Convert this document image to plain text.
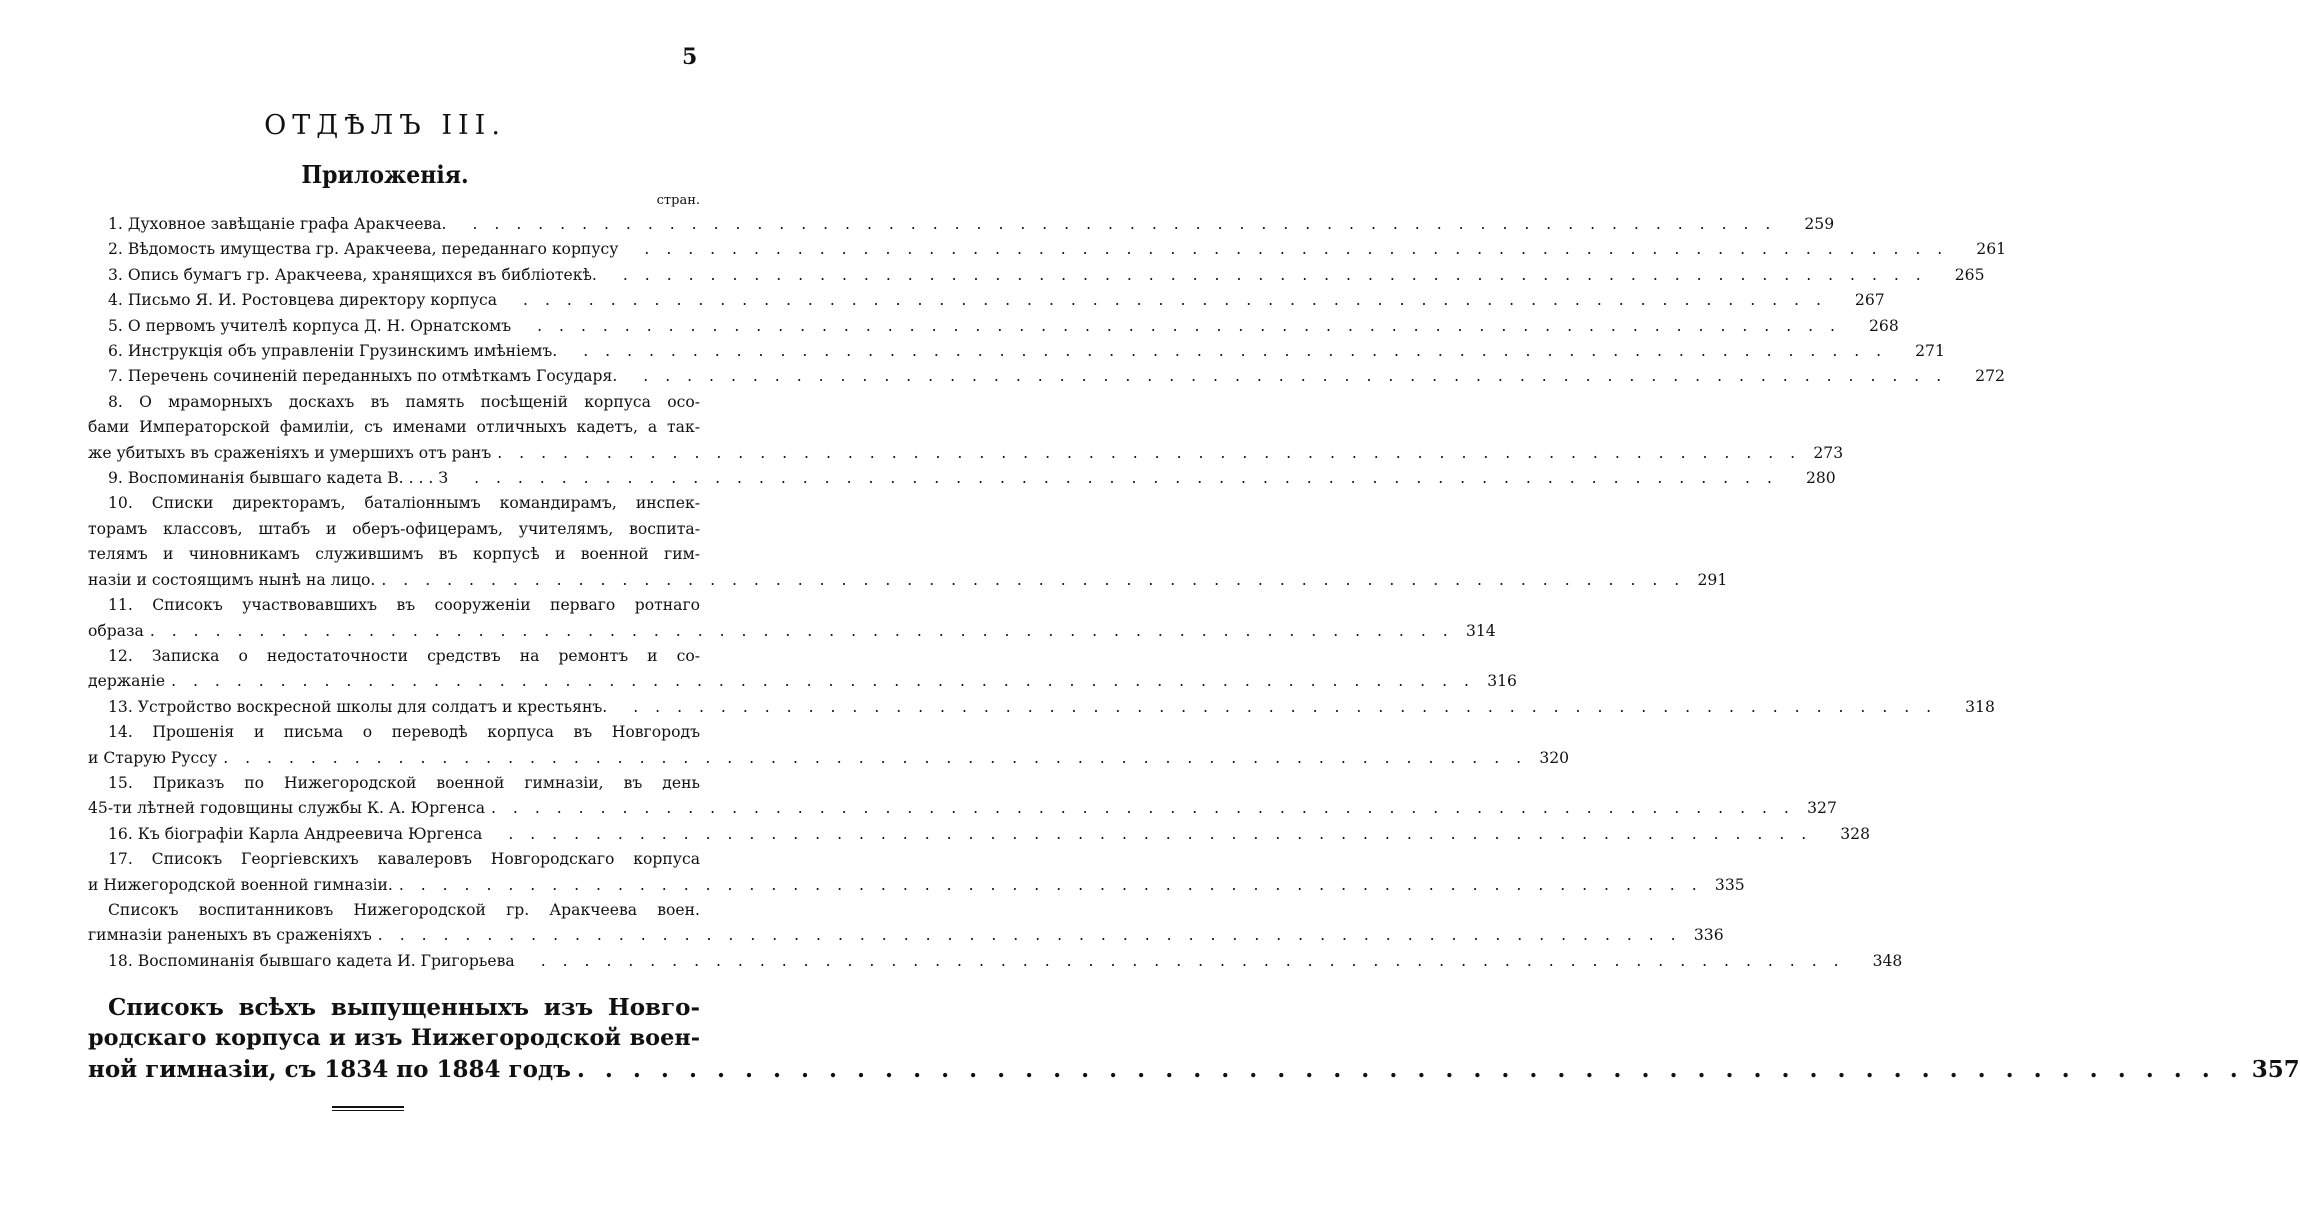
5
ОТДѢЛЪ III.
Приложенія.
стран.
1. Духовное завѣщаніе графа Аракчеева.	. . . . . . . . . . . . . . . . . . . . . . . . . . . . . . . . . . . . . . . . . . . . . . . . . . . . . . . . . . . .	259
2. Вѣдомость имущества гр. Аракчеева, переданнаго корпусу	. . . . . . . . . . . . . . . . . . . . . . . . . . . . . . . . . . . . . . . . . . . . . . . . . . . . . . . . . . . .	261
3. Опись бумагъ гр. Аракчеева, хранящихся въ библіотекѣ.	. . . . . . . . . . . . . . . . . . . . . . . . . . . . . . . . . . . . . . . . . . . . . . . . . . . . . . . . . . . .	265
4. Письмо Я. И. Ростовцева директору корпуса	. . . . . . . . . . . . . . . . . . . . . . . . . . . . . . . . . . . . . . . . . . . . . . . . . . . . . . . . . . . .	267
5. О первомъ учителѣ корпуса Д. Н. Орнатскомъ	. . . . . . . . . . . . . . . . . . . . . . . . . . . . . . . . . . . . . . . . . . . . . . . . . . . . . . . . . . . .	268
6. Инструкція объ управленіи Грузинскимъ имѣніемъ.	. . . . . . . . . . . . . . . . . . . . . . . . . . . . . . . . . . . . . . . . . . . . . . . . . . . . . . . . . . . .	271
7. Перечень сочиненій переданныхъ по отмѣткамъ Государя.	. . . . . . . . . . . . . . . . . . . . . . . . . . . . . . . . . . . . . . . . . . . . . . . . . . . . . . . . . . . .	272
8. О мраморныхъ доскахъ въ память посѣщеній корпуса осо-
бами Императорской фамиліи, съ именами отличныхъ кадетъ, а так-
же убитыхъ въ сраженіяхъ и умершихъ отъ ранъ . . . . . . . . . . . . . . . . . . . . . . . . . . . . . . . . . . . . . . . . . . . . . . . . . . . . . . . . . . . . 273
9. Воспоминанія бывшаго кадета В. . . . З	. . . . . . . . . . . . . . . . . . . . . . . . . . . . . . . . . . . . . . . . . . . . . . . . . . . . . . . . . . . .	280
10. Списки директорамъ, баталіоннымъ командирамъ, инспек-
торамъ классовъ, штабъ и оберъ-офицерамъ, учителямъ, воспита-
телямъ и чиновникамъ служившимъ въ корпусѣ и военной гим-
назіи и состоящимъ нынѣ на лицо. . . . . . . . . . . . . . . . . . . . . . . . . . . . . . . . . . . . . . . . . . . . . . . . . . . . . . . . . . . . . 291
11. Списокъ участвовавшихъ въ сооруженіи перваго ротнаго
образа . . . . . . . . . . . . . . . . . . . . . . . . . . . . . . . . . . . . . . . . . . . . . . . . . . . . . . . . . . . . 314
12. Записка о недостаточности средствъ на ремонтъ и со-
держаніе . . . . . . . . . . . . . . . . . . . . . . . . . . . . . . . . . . . . . . . . . . . . . . . . . . . . . . . . . . . . 316
13. Устройство воскресной школы для солдатъ и крестьянъ.	. . . . . . . . . . . . . . . . . . . . . . . . . . . . . . . . . . . . . . . . . . . . . . . . . . . . . . . . . . . .	318
14. Прошенія и письма о переводѣ корпуса въ Новгородъ
и Старую Руссу . . . . . . . . . . . . . . . . . . . . . . . . . . . . . . . . . . . . . . . . . . . . . . . . . . . . . . . . . . . . 320
15. Приказъ по Нижегородской военной гимназіи, въ день
45-ти лѣтней годовщины службы К. А. Юргенса . . . . . . . . . . . . . . . . . . . . . . . . . . . . . . . . . . . . . . . . . . . . . . . . . . . . . . . . . . . . 327
16. Къ біографіи Карла Андреевича Юргенса	. . . . . . . . . . . . . . . . . . . . . . . . . . . . . . . . . . . . . . . . . . . . . . . . . . . . . . . . . . . .	328
17. Списокъ Георгіевскихъ кавалеровъ Новгородскаго корпуса
и Нижегородской военной гимназіи. . . . . . . . . . . . . . . . . . . . . . . . . . . . . . . . . . . . . . . . . . . . . . . . . . . . . . . . . . . . . 335
Списокъ воспитанниковъ Нижегородской гр. Аракчеева воен.
гимназіи раненыхъ въ сраженіяхъ . . . . . . . . . . . . . . . . . . . . . . . . . . . . . . . . . . . . . . . . . . . . . . . . . . . . . . . . . . . . 336
18. Воспоминанія бывшаго кадета И. Григорьева	. . . . . . . . . . . . . . . . . . . . . . . . . . . . . . . . . . . . . . . . . . . . . . . . . . . . . . . . . . . .	348
Списокъ всѣхъ выпущенныхъ изъ Новго-
родскаго корпуса и изъ Нижегородской воен-
ной гимназіи, съ 1834 по 1884 годъ . . . . . . . . . . . . . . . . . . . . . . . . . . . . . . . . . . . . . . . . . . . . . . . . . . . . . . . . . . . . 357
